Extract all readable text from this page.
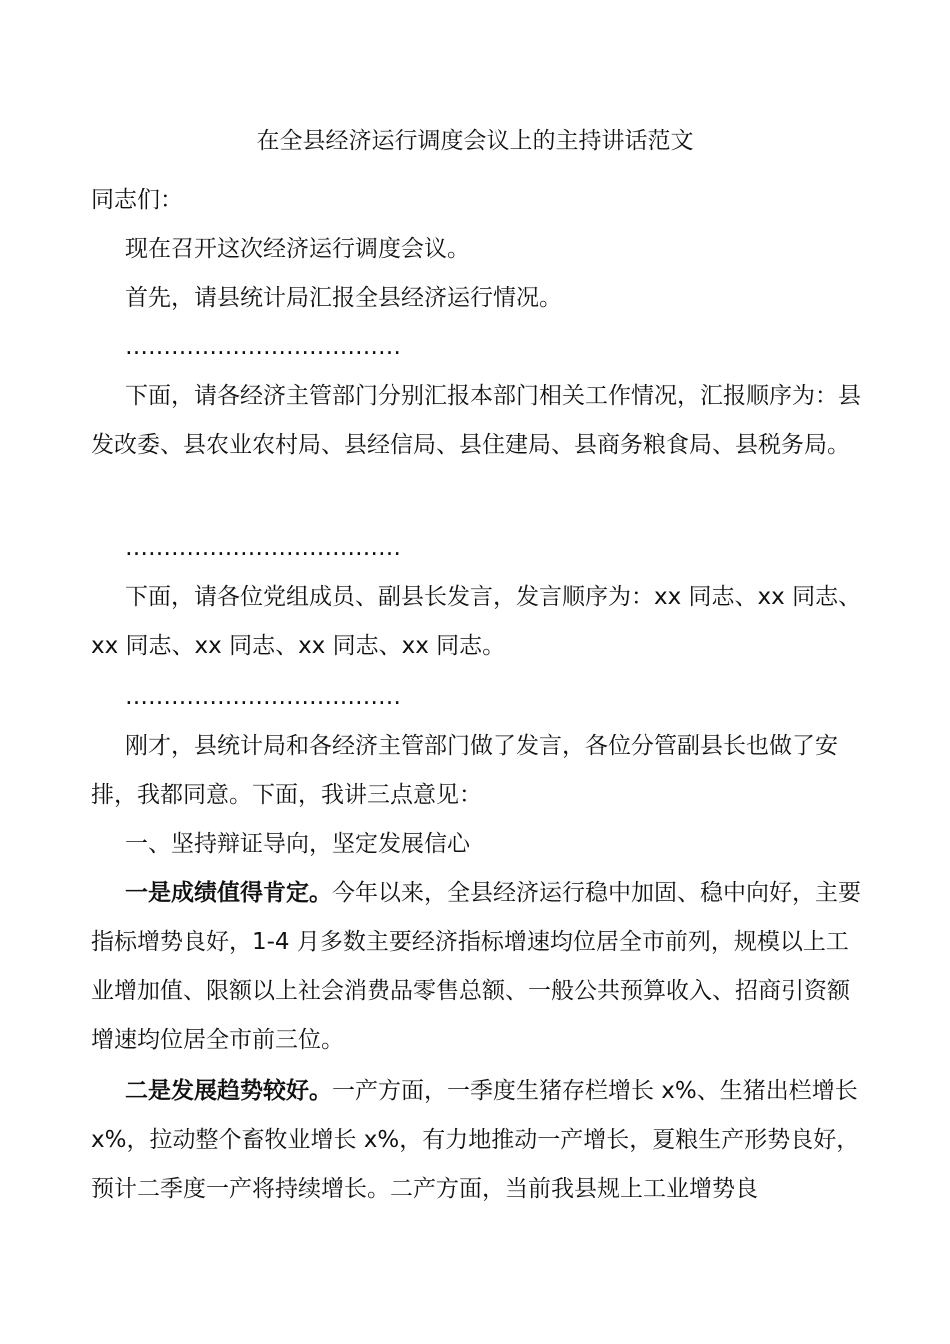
在全县经济运行调度会议上的主持讲话范文

同志们：

现在召开这次经济运行调度会议。

首先，请县统计局汇报全县经济运行情况。

………………………………

下面，请各经济主管部门分别汇报本部门相关工作情况，汇报顺序为：县发改委、县农业农村局、县经信局、县住建局、县商务粮食局、县税务局。

………………………………

下面，请各位党组成员、副县长发言，发言顺序为：xx 同志、xx 同志、xx 同志、xx 同志、xx 同志、xx 同志。

………………………………

刚才，县统计局和各经济主管部门做了发言，各位分管副县长也做了安排，我都同意。下面，我讲三点意见：

一、坚持辩证导向，坚定发展信心

一是成绩值得肯定。今年以来，全县经济运行稳中加固、稳中向好，主要指标增势良好，1-4 月多数主要经济指标增速均位居全市前列，规模以上工业增加值、限额以上社会消费品零售总额、一般公共预算收入、招商引资额增速均位居全市前三位。

二是发展趋势较好。一产方面，一季度生猪存栏增长 x%、生猪出栏增长 x%，拉动整个畜牧业增长 x%，有力地推动一产增长，夏粮生产形势良好，预计二季度一产将持续增长。二产方面，当前我县规上工业增势良
